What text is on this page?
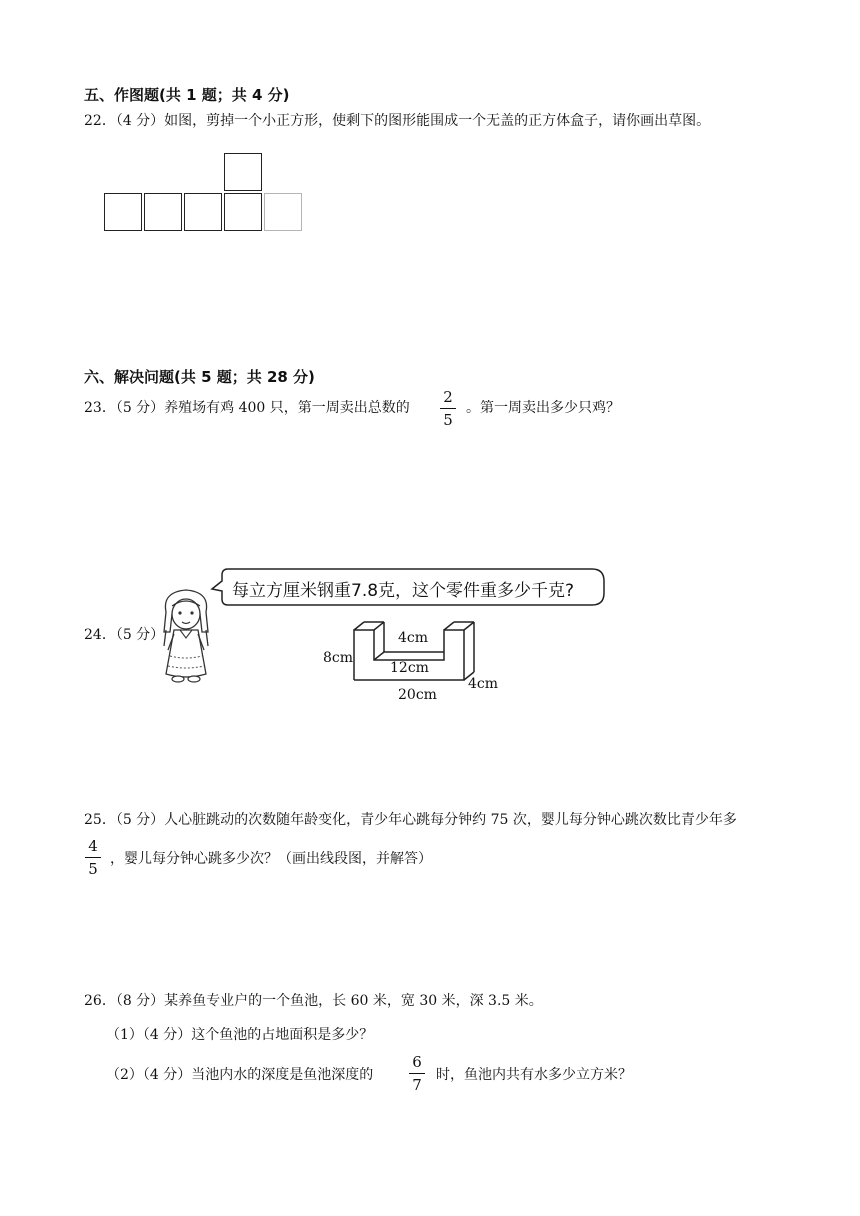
五、作图题(共 1 题；共 4 分)
22．（4 分）如图，剪掉一个小正方形，使剩下的图形能围成一个无盖的正方体盒子，请你画出草图。
六、解决问题(共 5 题；共 28 分)
23．（5 分）养殖场有鸡 400 只，第一周卖出总数的
2
5
。第一周卖出多少只鸡？
24．（5 分）
每立方厘米钢重7.8克，这个零件重多少千克?
8cm
4cm
12cm
20cm
4cm
25．（5 分）人心脏跳动的次数随年龄变化，青少年心跳每分钟约 75 次，婴儿每分钟心跳次数比青少年多
4
5
，婴儿每分钟心跳多少次？（画出线段图，并解答）
26．（8 分）某养鱼专业户的一个鱼池，长 60 米，宽 30 米，深 3.5 米。
（1）（4 分）这个鱼池的占地面积是多少？
（2）（4 分）当池内水的深度是鱼池深度的
6
7
时，鱼池内共有水多少立方米？
